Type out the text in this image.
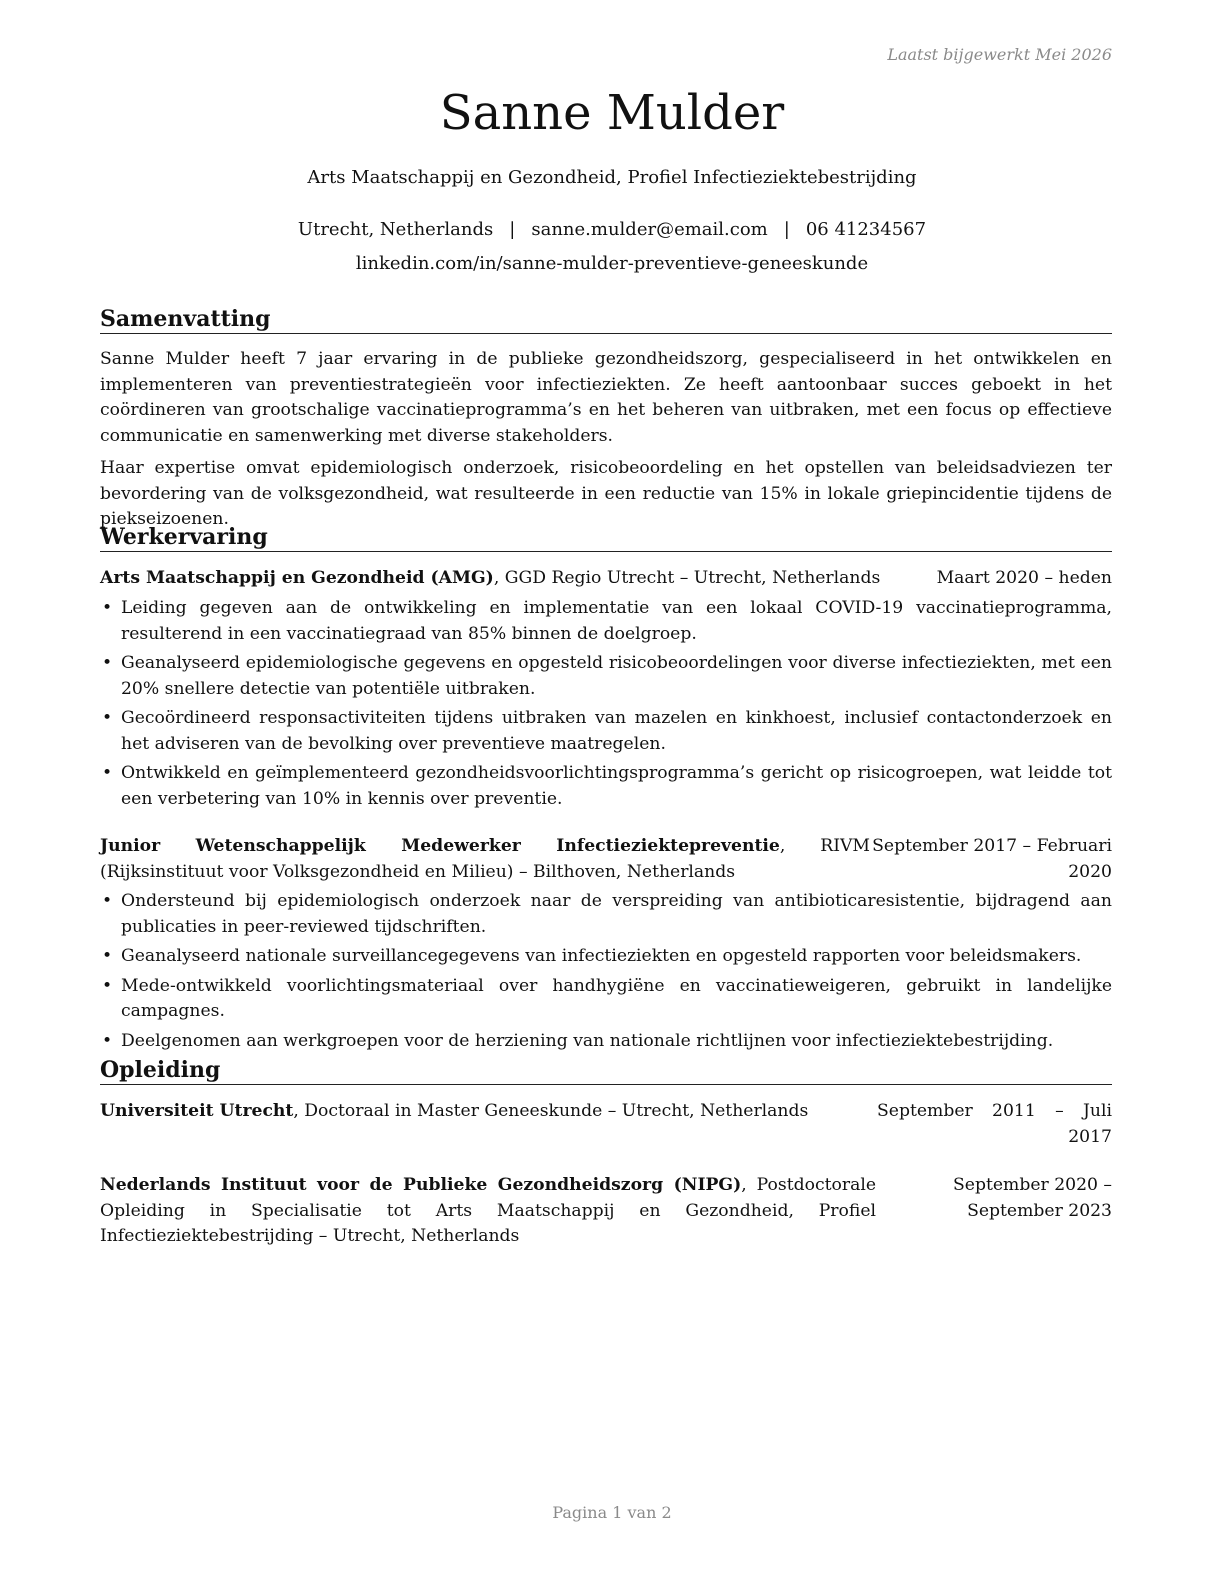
Laatst bijgewerkt Mei 2026
Sanne Mulder
Arts Maatschappij en Gezondheid, Profiel Infectieziektebestrijding
Utrecht, Netherlands | sanne.mulder@email.com | 06 41234567
linkedin.com/in/sanne-mulder-preventieve-geneeskunde
Samenvatting

Sanne Mulder heeft 7 jaar ervaring in de publieke gezondheidszorg, gespecialiseerd in het ontwikkelen en implementeren van preventiestrategieën voor infectieziekten. Ze heeft aantoonbaar succes geboekt in het coördineren van grootschalige vaccinatieprogramma’s en het beheren van uitbraken, met een focus op effectieve communicatie en samenwerking met diverse stakeholders.

Haar expertise omvat epidemiologisch onderzoek, risicobeoordeling en het opstellen van beleidsadviezen ter bevordering van de volksgezondheid, wat resulteerde in een reductie van 15% in lokale griepincidentie tijdens de piekseizoenen.

Werkervaring
Arts Maatschappij en Gezondheid (AMG), GGD Regio Utrecht – Utrecht, Netherlands	Maart 2020 – heden
• Leiding gegeven aan de ontwikkeling en implementatie van een lokaal COVID-19 vaccinatieprogramma, resulterend in een vaccinatiegraad van 85% binnen de doelgroep.
• Geanalyseerd epidemiologische gegevens en opgesteld risicobeoordelingen voor diverse infectieziekten, met een 20% snellere detectie van potentiële uitbraken.
• Gecoördineerd responsactiviteiten tijdens uitbraken van mazelen en kinkhoest, inclusief contactonderzoek en het adviseren van de bevolking over preventieve maatregelen.
• Ontwikkeld en geïmplementeerd gezondheidsvoorlichtingsprogramma’s gericht op risicogroepen, wat leidde tot een verbetering van 10% in kennis over preventie.
Junior Wetenschappelijk Medewerker Infectieziektepreventie, RIVM (Rijksinstituut voor Volksgezondheid en Milieu) – Bilthoven, Netherlands
September 2017 – Februari 2020
• Ondersteund bij epidemiologisch onderzoek naar de verspreiding van antibioticaresistentie, bijdragend aan publicaties in peer-reviewed tijdschriften.
• Geanalyseerd nationale surveillancegegevens van infectieziekten en opgesteld rapporten voor beleidsmakers.
• Mede-ontwikkeld voorlichtingsmateriaal over handhygiëne en vaccinatieweigeren, gebruikt in landelijke campagnes.
• Deelgenomen aan werkgroepen voor de herziening van nationale richtlijnen voor infectieziektebestrijding.
Opleiding
Universiteit Utrecht, Doctoraal in Master Geneeskunde – Utrecht, Netherlands	September 2011 – Juli 2017
Nederlands Instituut voor de Publieke Gezondheidszorg (NIPG), Postdoctorale Opleiding in Specialisatie tot Arts Maatschappij en Gezondheid, Profiel Infectieziektebestrijding – Utrecht, Netherlands
September 2020 – September 2023
Pagina 1 van 2
